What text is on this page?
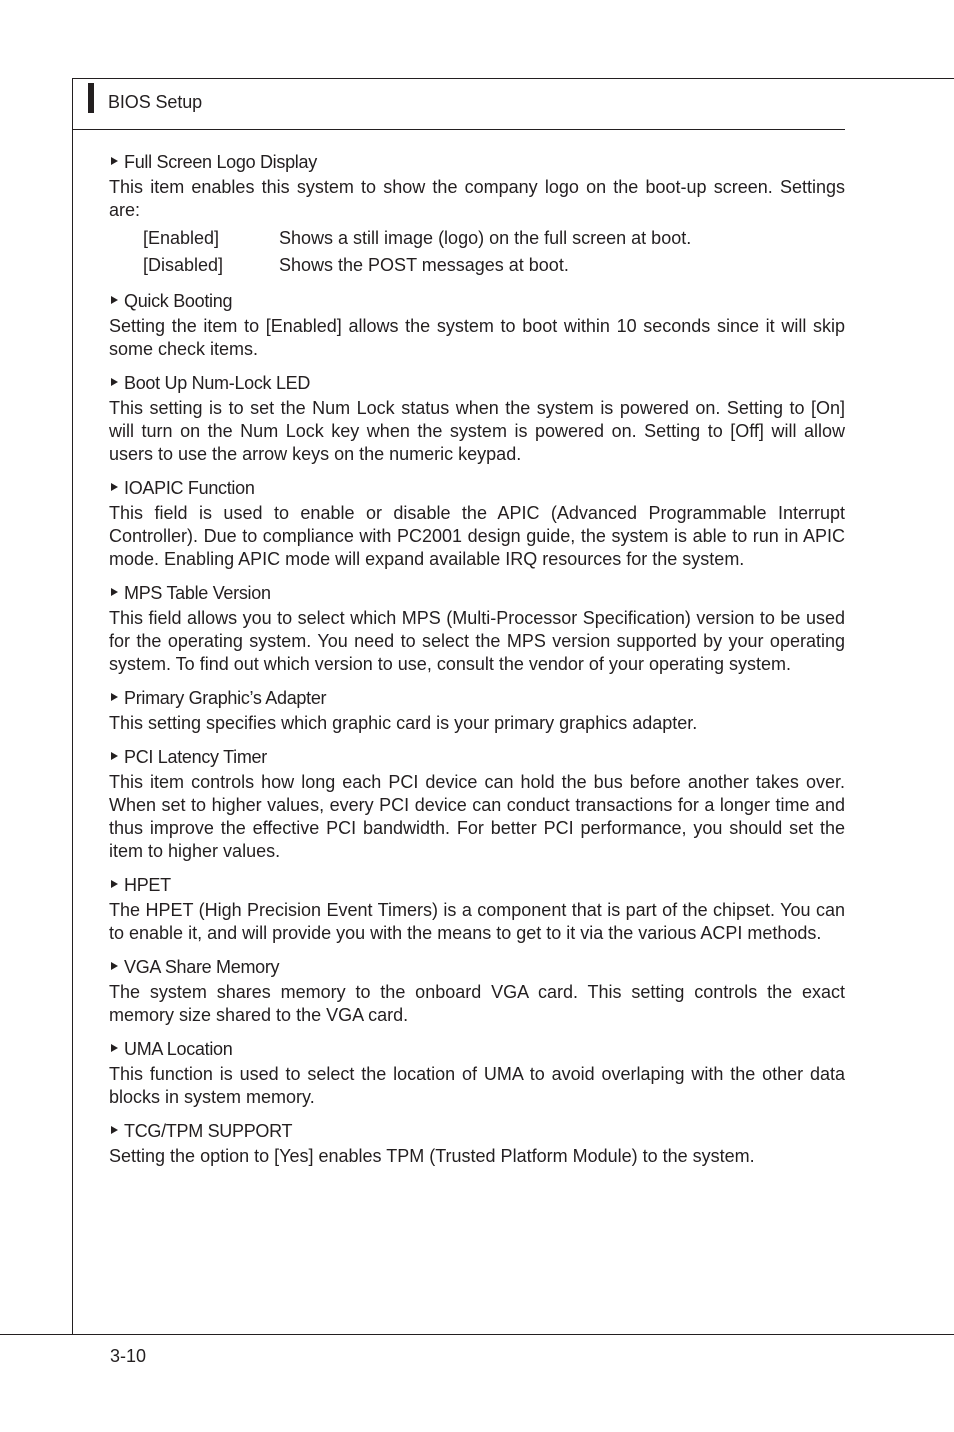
BIOS Setup
Full Screen Logo Display
This item enables this system to show the company logo on the boot-up screen. Settings are:
[Enabled]	Shows a still image (logo) on the full screen at boot.
[Disabled]	Shows the POST messages at boot.
Quick Booting
Setting the item to [Enabled] allows the system to boot within 10 seconds since it will skip some check items.
Boot Up Num-Lock LED
This setting is to set the Num Lock status when the system is powered on. Setting to [On] will turn on the Num Lock key when the system is powered on. Setting to [Off] will allow users to use the arrow keys on the numeric keypad.
IOAPIC Function
This field is used to enable or disable the APIC (Advanced Programmable Interrupt Controller). Due to compliance with PC2001 design guide, the system is able to run in APIC mode. Enabling APIC mode will expand available IRQ resources for the system.
MPS Table Version
This field allows you to select which MPS (Multi-Processor Specification) version to be used for the operating system. You need to select the MPS version supported by your operating system. To find out which version to use, consult the vendor of your operating system.
Primary Graphic’s Adapter
This setting specifies which graphic card is your primary graphics adapter.
PCI Latency Timer
This item controls how long each PCI device can hold the bus before another takes over. When set to higher values, every PCI device can conduct transactions for a longer time and thus improve the effective PCI bandwidth. For better PCI performance, you should set the item to higher values.
HPET
The HPET (High Precision Event Timers) is a component that is part of the chipset. You can to enable it, and will provide you with the means to get to it via the various ACPI methods.
VGA Share Memory
The system shares memory to the onboard VGA card. This setting controls the exact memory size shared to the VGA card.
UMA Location
This function is used to select the location of UMA to avoid overlaping with the other data blocks in system memory.
TCG/TPM SUPPORT
Setting the option to [Yes] enables TPM (Trusted Platform Module) to the system.
3-10
